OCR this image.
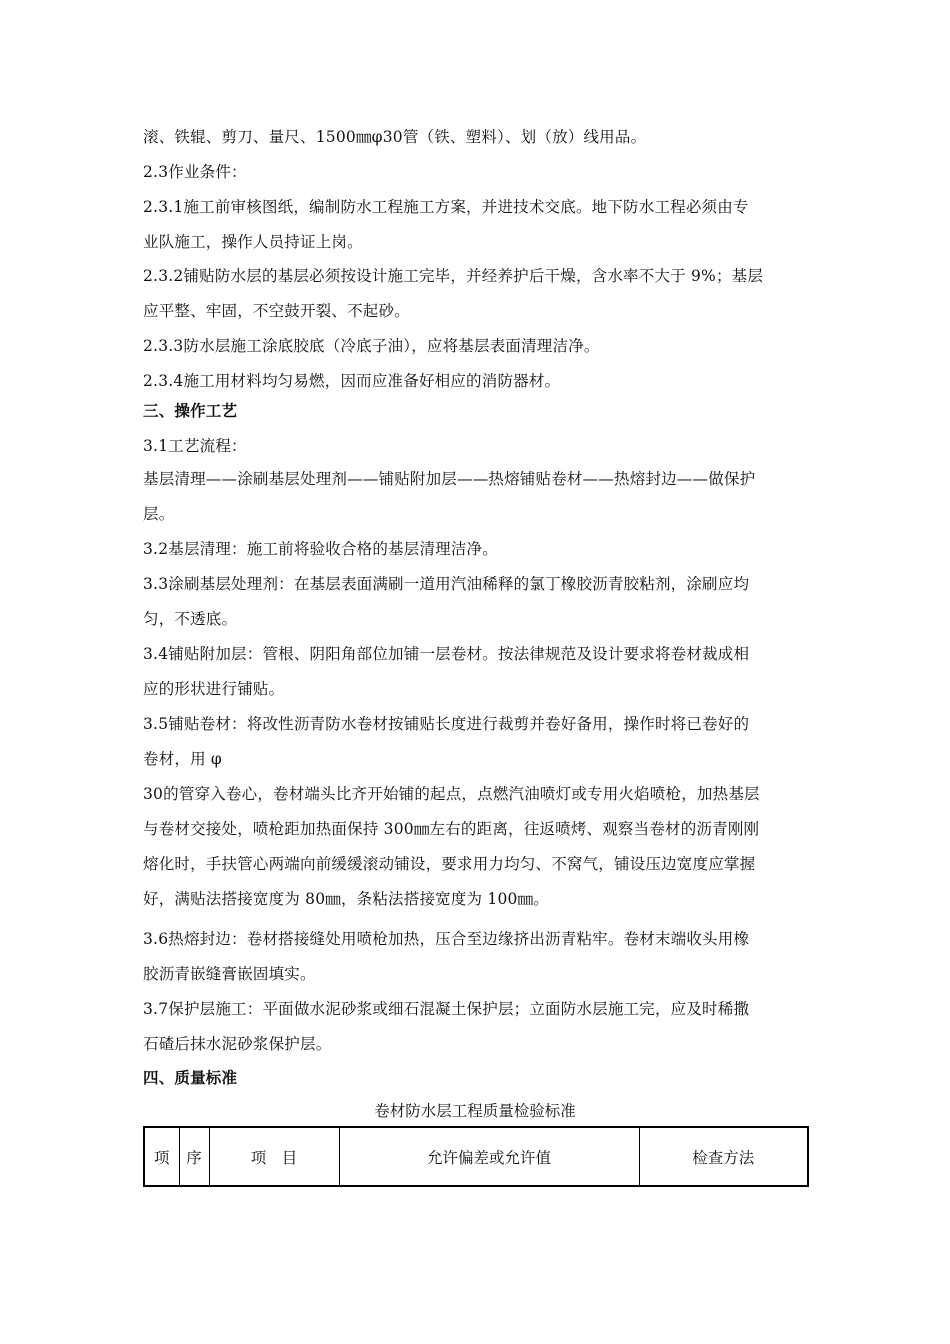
滚、铁辊、剪刀、量尺、1500㎜φ30管（铁、塑料）、划（放）线用品。
2.3作业条件：
2.3.1施工前审核图纸，编制防水工程施工方案，并进技术交底。地下防水工程必须由专
业队施工，操作人员持证上岗。
2.3.2铺贴防水层的基层必须按设计施工完毕，并经养护后干燥，含水率不大于 9%；基层
应平整、牢固，不空鼓开裂、不起砂。
2.3.3防水层施工涂底胶底（冷底子油），应将基层表面清理洁净。
2.3.4施工用材料均匀易燃，因而应准备好相应的消防器材。
三、操作工艺
3.1工艺流程：
基层清理——涂刷基层处理剂——铺贴附加层——热熔铺贴卷材——热熔封边——做保护
层。
3.2基层清理：施工前将验收合格的基层清理洁净。
3.3涂刷基层处理剂：在基层表面满刷一道用汽油稀释的氯丁橡胶沥青胶粘剂，涂刷应均
匀，不透底。
3.4铺贴附加层：管根、阴阳角部位加铺一层卷材。按法律规范及设计要求将卷材裁成相
应的形状进行铺贴。
3.5铺贴卷材：将改性沥青防水卷材按铺贴长度进行裁剪并卷好备用，操作时将已卷好的
卷材，用 φ
30的管穿入卷心，卷材端头比齐开始铺的起点，点燃汽油喷灯或专用火焰喷枪，加热基层
与卷材交接处，喷枪距加热面保持 300㎜左右的距离，往返喷烤、观察当卷材的沥青刚刚
熔化时，手扶管心两端向前缓缓滚动铺设，要求用力均匀、不窝气，铺设压边宽度应掌握
好，满贴法搭接宽度为 80㎜，条粘法搭接宽度为 100㎜。
3.6热熔封边：卷材搭接缝处用喷枪加热，压合至边缘挤出沥青粘牢。卷材末端收头用橡
胶沥青嵌缝膏嵌固填实。
3.7保护层施工：平面做水泥砂浆或细石混凝土保护层；立面防水层施工完，应及时稀撒
石碴后抹水泥砂浆保护层。
四、质量标准
卷材防水层工程质量检验标准
项	序	项　目	允许偏差或允许值	检查方法
